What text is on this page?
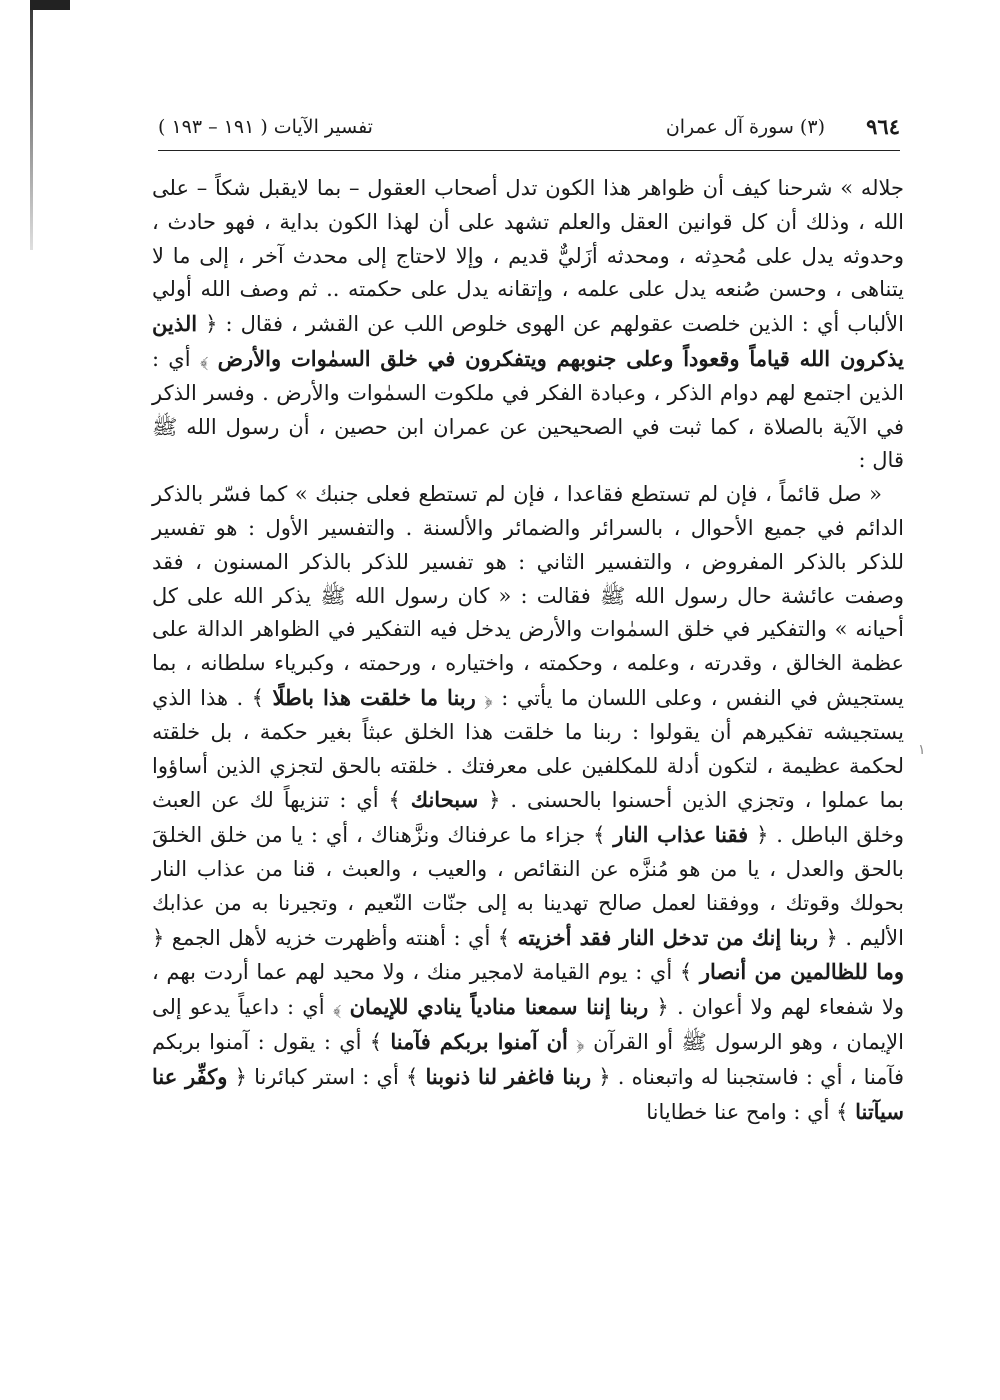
٩٦٤
(٣) سورة آل عمران
تفسير الآيات ( ١٩١ – ١٩٣ )

جلاله » شرحنا كيف أن ظواهر هذا الكون تدل أصحاب العقول – بما لايقبل شكاً – على الله ، وذلك أن كل قوانين العقل والعلم تشهد على أن لهذا الكون بداية ، فهو حادث ، وحدوثه يدل على مُحدِثه ، ومحدثه أزَليٌّ قديم ، وإلا لاحتاج إلى محدث آخر ، إلى ما لا يتناهى ، وحسن صُنعه يدل على علمه ، وإتقانه يدل على حكمته .. ثم وصف الله أولي الألباب أي : الذين خلصت عقولهم عن الهوى خلوص اللب عن القشر ، فقال : ﴿ الذين يذكرون الله قياماً وقعوداً وعلى جنوبهم ويتفكرون في خلق السمٰوات والأرض ﴾ أي : الذين اجتمع لهم دوام الذكر ، وعبادة الفكر في ملكوت السمٰوات والأرض . وفسر الذكر في الآية بالصلاة ، كما ثبت في الصحيحين عن عمران ابن حصين ، أن رسول الله ﷺ قال :

« صل قائماً ، فإن لم تستطع فقاعدا ، فإن لم تستطع فعلى جنبك » كما فسّر بالذكر الدائم في جميع الأحوال ، بالسرائر والضمائر والألسنة . والتفسير الأول : هو تفسير للذكر بالذكر المفروض ، والتفسير الثاني : هو تفسير للذكر بالذكر المسنون ، فقد وصفت عائشة حال رسول الله ﷺ فقالت : « كان رسول الله ﷺ يذكر الله على كل أحيانه » والتفكير في خلق السمٰوات والأرض يدخل فيه التفكير في الظواهر الدالة على عظمة الخالق ، وقدرته ، وعلمه ، وحكمته ، واختياره ، ورحمته ، وكبرياء سلطانه ، بما يستجيش في النفس ، وعلى اللسان ما يأتي : ﴿ ربنا ما خلقت هذا باطلًا ﴾ . هذا الذي يستجيشه تفكيرهم أن يقولوا : ربنا ما خلقت هذا الخلق عبثاً بغير حكمة ، بل خلقته لحكمة عظيمة ، لتكون أدلة للمكلفين على معرفتك . خلقته بالحق لتجزي الذين أساؤوا بما عملوا ، وتجزي الذين أحسنوا بالحسنى . ﴿ سبحانك ﴾ أي : تنزيهاً لك عن العبث وخلق الباطل . ﴿ فقنا عذاب النار ﴾ جزاء ما عرفناك ونزَّهناك ، أي : يا من خلق الخلقَ بالحق والعدل ، يا من هو مُنزَّه عن النقائص ، والعيب ، والعبث ، قنا من عذاب النار بحولك وقوتك ، ووفقنا لعمل صالح تهدينا به إلى جنّات النّعيم ، وتجيرنا به من عذابك الأليم . ﴿ ربنا إنك من تدخل النار فقد أخزيته ﴾ أي : أهنته وأظهرت خزيه لأهل الجمع ﴿ وما للظالمين من أنصار ﴾ أي : يوم القيامة لامجير منك ، ولا محيد لهم عما أردت بهم ، ولا شفعاء لهم ولا أعوان . ﴿ ربنا إننا سمعنا منادياً ينادي للإيمان ﴾ أي : داعياً يدعو إلى الإيمان ، وهو الرسول ﷺ أو القرآن ﴿ أن آمنوا بربكم فآمنا ﴾ أي : يقول : آمنوا بربكم فآمنا ، أي : فاستجبنا له واتبعناه . ﴿ ربنا فاغفر لنا ذنوبنا ﴾ أي : استر كبائرنا ﴿ وكفِّر عنا سيآتنا ﴾ أي : وامح عنا خطايانا

١
